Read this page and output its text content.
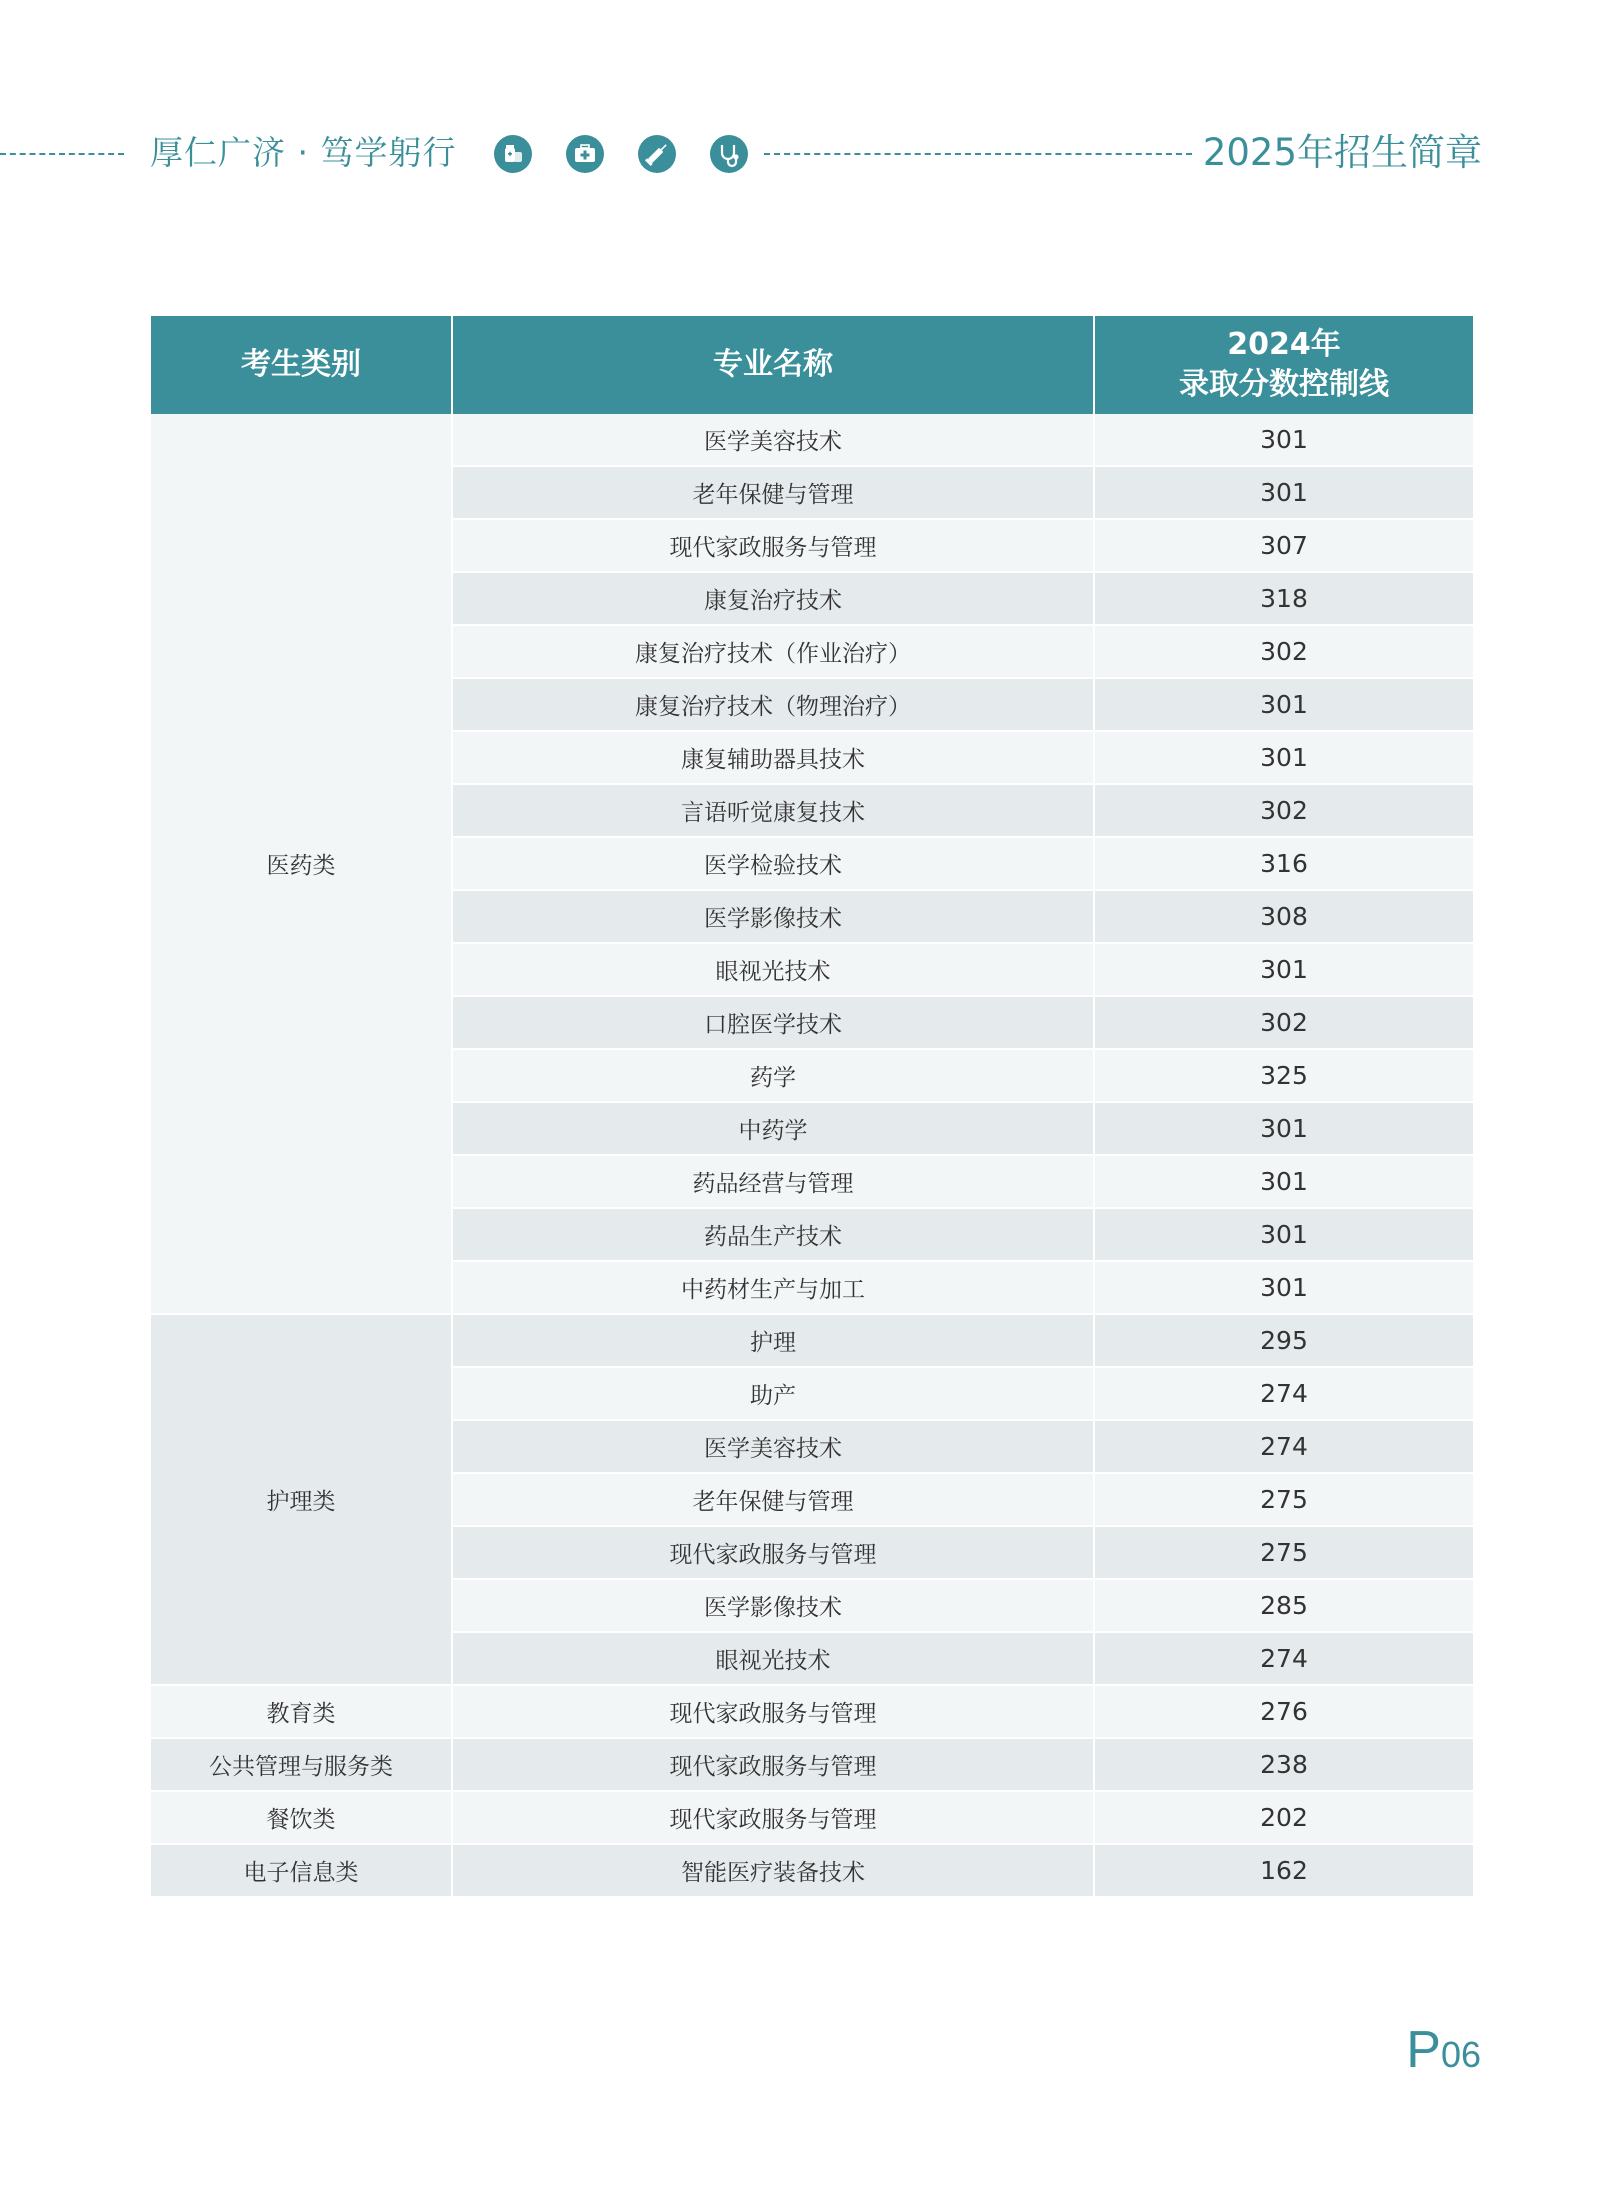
厚仁广济 · 笃学躬行	2025年招生简章
考生类别	专业名称	2024年
录取分数控制线

医药类	医学美容技术	301
	老年保健与管理	301
	现代家政服务与管理	307
	康复治疗技术	318
	康复治疗技术（作业治疗）	302
	康复治疗技术（物理治疗）	301
	康复辅助器具技术	301
	言语听觉康复技术	302
	医学检验技术	316
	医学影像技术	308
	眼视光技术	301
	口腔医学技术	302
	药学	325
	中药学	301
	药品经营与管理	301
	药品生产技术	301
	中药材生产与加工	301
护理类	护理	295
	助产	274
	医学美容技术	274
	老年保健与管理	275
	现代家政服务与管理	275
	医学影像技术	285
	眼视光技术	274
教育类	现代家政服务与管理	276
公共管理与服务类	现代家政服务与管理	238
餐饮类	现代家政服务与管理	202
电子信息类	智能医疗装备技术	162
P06
